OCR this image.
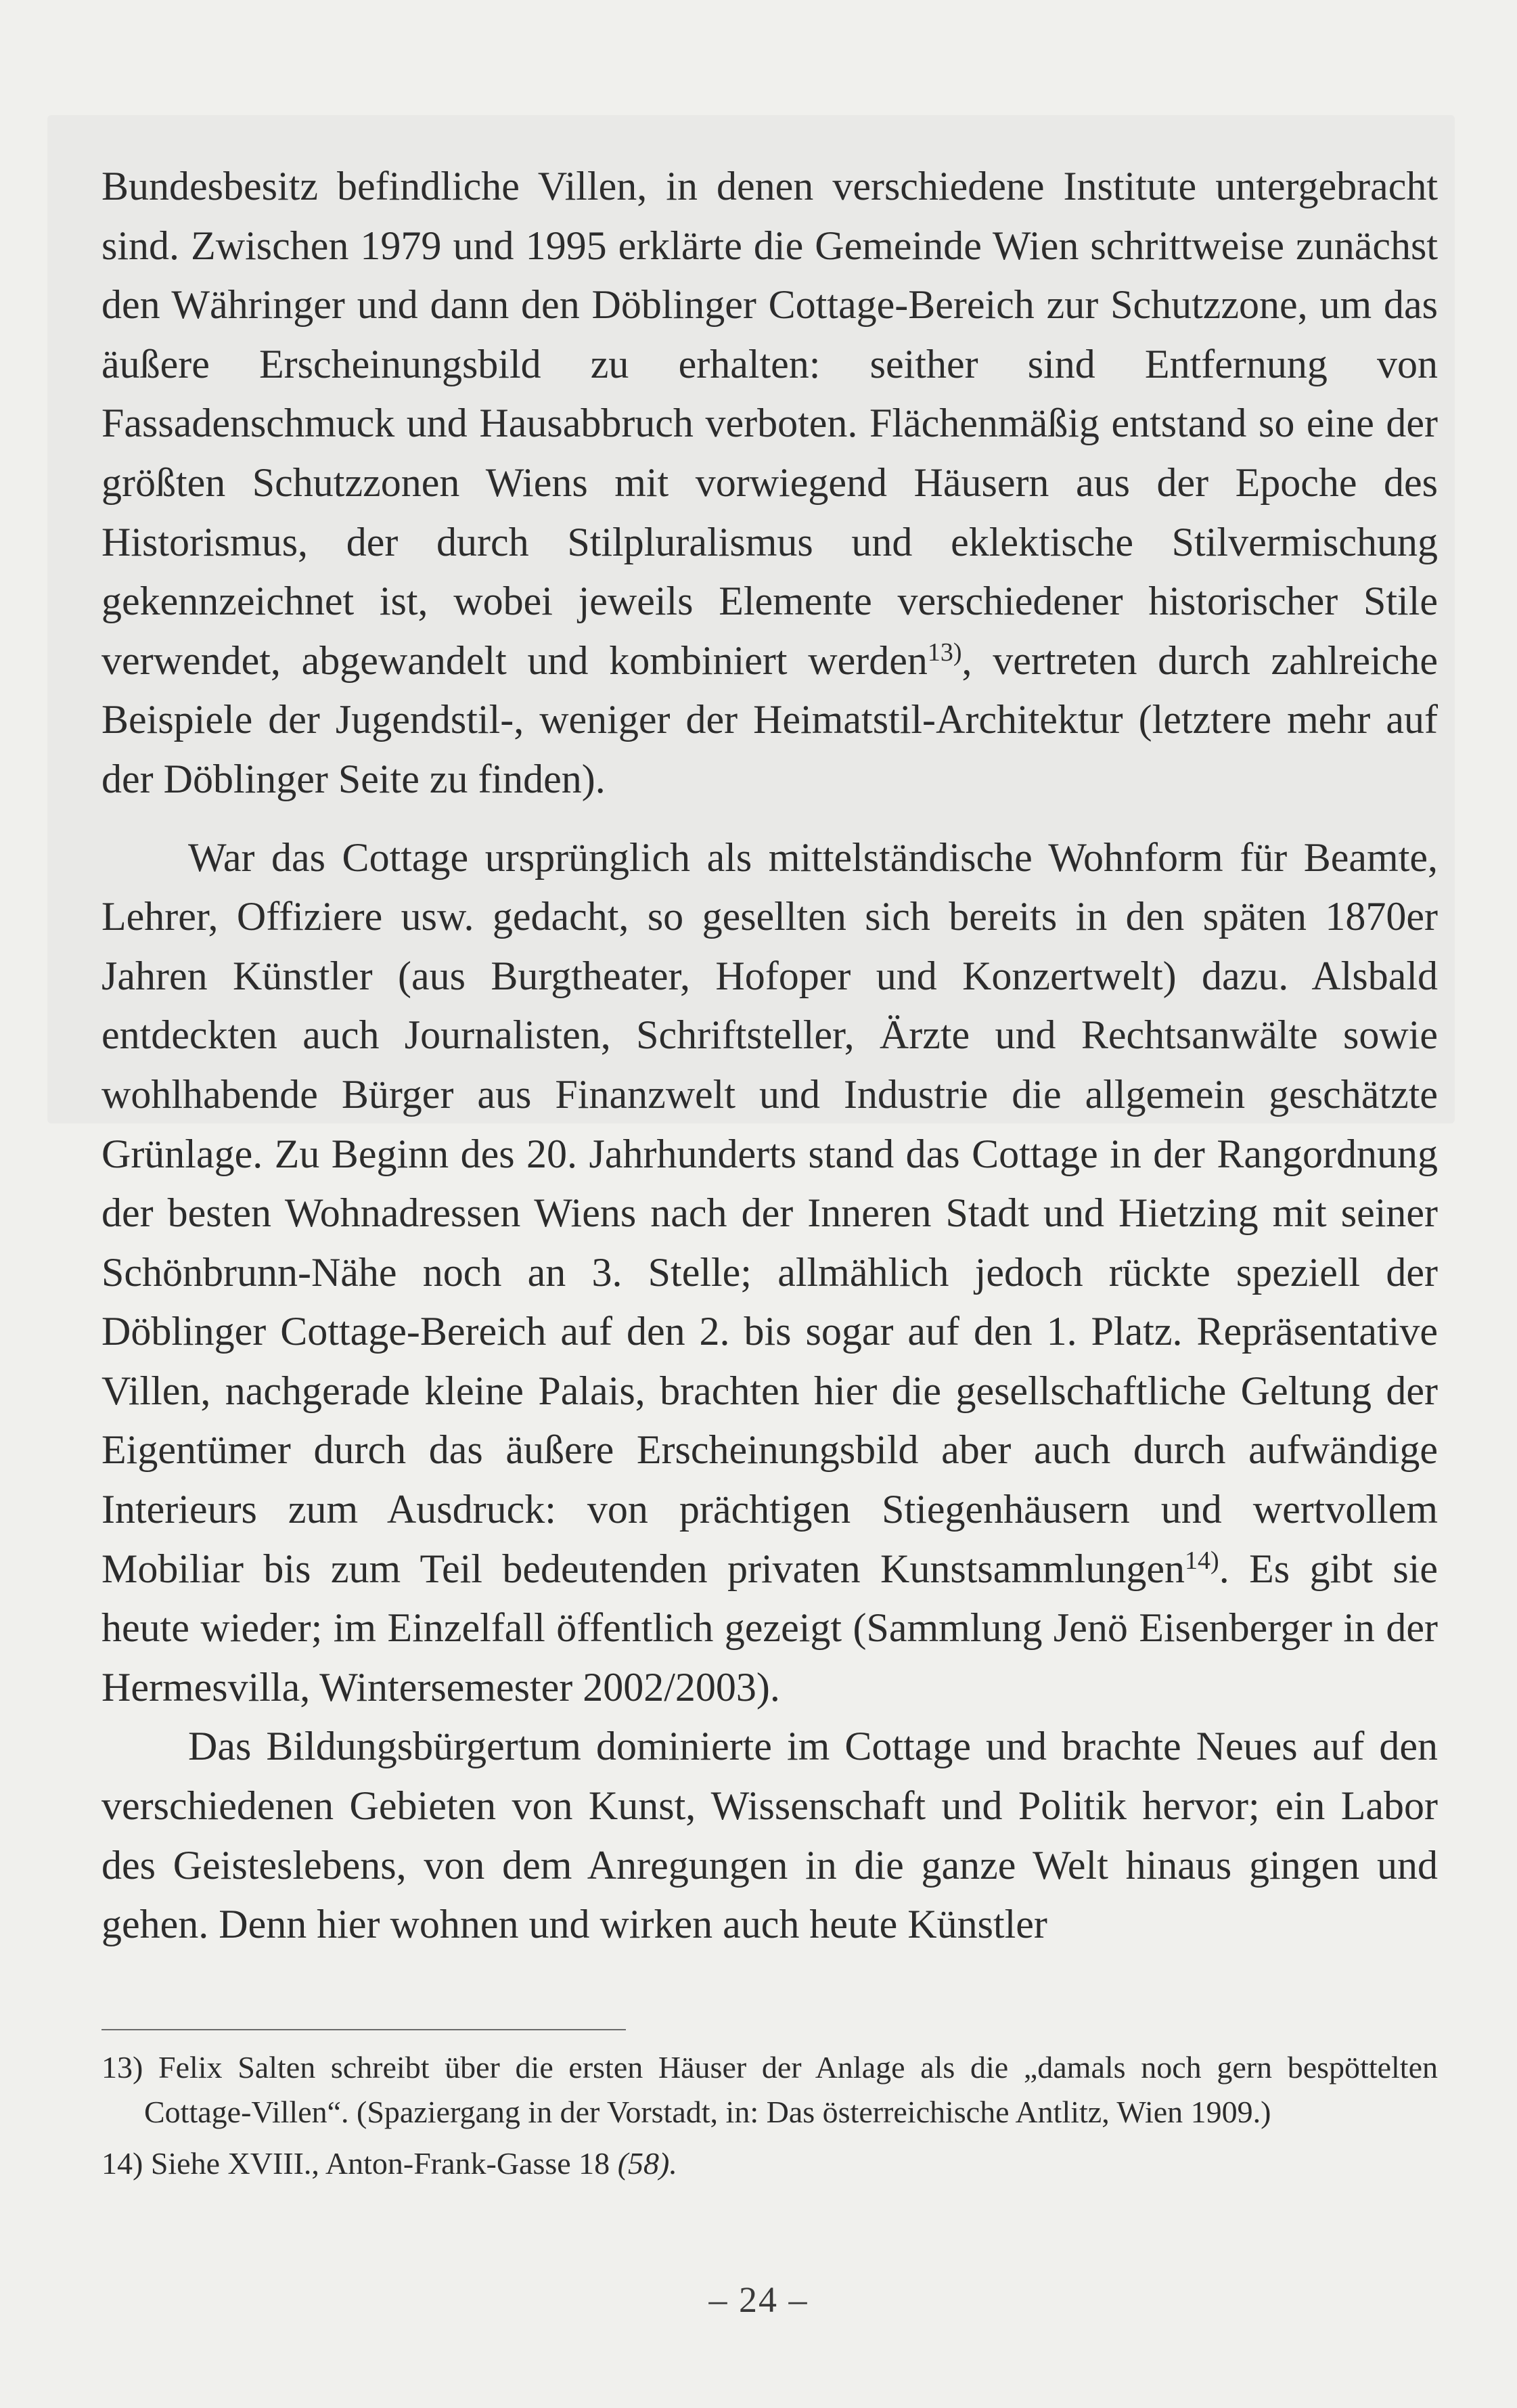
Bundesbesitz befindliche Villen, in denen verschiedene Institute untergebracht sind. Zwischen 1979 und 1995 erklärte die Gemeinde Wien schrittweise zunächst den Währinger und dann den Döblinger Cottage-Bereich zur Schutzzone, um das äußere Erscheinungsbild zu erhalten: seither sind Entfernung von Fassadenschmuck und Hausabbruch verboten. Flächenmäßig entstand so eine der größten Schutzzonen Wiens mit vorwiegend Häusern aus der Epoche des Historismus, der durch Stilpluralismus und eklektische Stilvermischung gekennzeichnet ist, wobei jeweils Elemente verschiedener historischer Stile verwendet, abgewandelt und kombiniert werden$^{13)}$, vertreten durch zahlreiche Beispiele der Jugendstil-, weniger der Heimatstil-Architektur (letztere mehr auf der Döblinger Seite zu finden).

War das Cottage ursprünglich als mittelständische Wohnform für Beamte, Lehrer, Offiziere usw. gedacht, so gesellten sich bereits in den späten 1870er Jahren Künstler (aus Burgtheater, Hofoper und Konzertwelt) dazu. Alsbald entdeckten auch Journalisten, Schriftsteller, Ärzte und Rechtsanwälte sowie wohlhabende Bürger aus Finanzwelt und Industrie die allgemein geschätzte Grünlage. Zu Beginn des 20. Jahrhunderts stand das Cottage in der Rangordnung der besten Wohnadressen Wiens nach der Inneren Stadt und Hietzing mit seiner Schönbrunn-Nähe noch an 3. Stelle; allmählich jedoch rückte speziell der Döblinger Cottage-Bereich auf den 2. bis sogar auf den 1. Platz. Repräsentative Villen, nachgerade kleine Palais, brachten hier die gesellschaftliche Geltung der Eigentümer durch das äußere Erscheinungsbild aber auch durch aufwändige Interieurs zum Ausdruck: von prächtigen Stiegenhäusern und wertvollem Mobiliar bis zum Teil bedeutenden privaten Kunstsammlungen$^{14)}$. Es gibt sie heute wieder; im Einzelfall öffentlich gezeigt (Sammlung Jenö Eisenberger in der Hermesvilla, Wintersemester 2002/2003).

Das Bildungsbürgertum dominierte im Cottage und brachte Neues auf den verschiedenen Gebieten von Kunst, Wissenschaft und Politik hervor; ein Labor des Geisteslebens, von dem Anregungen in die ganze Welt hinaus gingen und gehen. Denn hier wohnen und wirken auch heute Künstler

13) Felix Salten schreibt über die ersten Häuser der Anlage als die „damals noch gern bespöttelten Cottage-Villen“. (Spaziergang in der Vorstadt, in: Das österreichische Antlitz, Wien 1909.)

14) Siehe XVIII., Anton-Frank-Gasse 18 (58).

– 24 –
